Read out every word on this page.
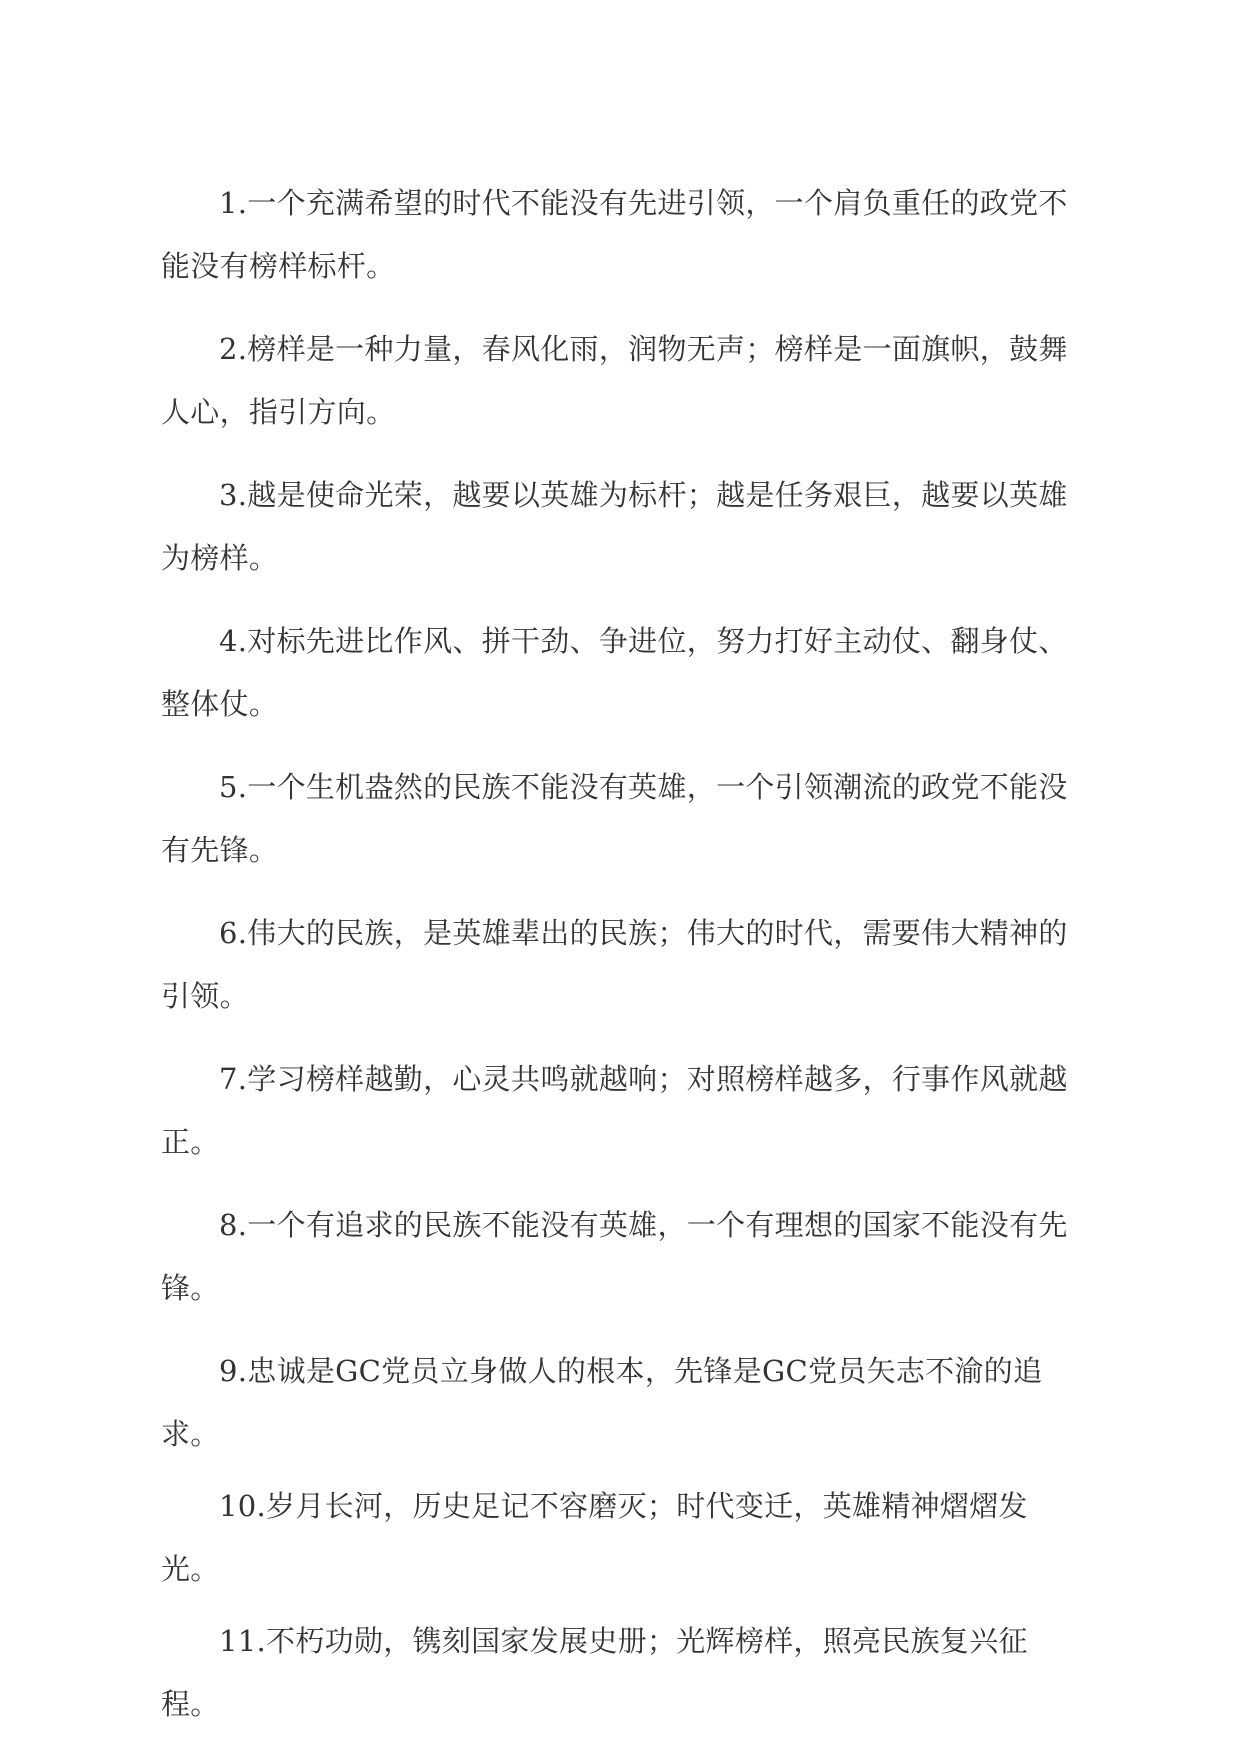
1.一个充满希望的时代不能没有先进引领，一个肩负重任的政党不能没有榜样标杆。

2.榜样是一种力量，春风化雨，润物无声；榜样是一面旗帜，鼓舞人心，指引方向。

3.越是使命光荣，越要以英雄为标杆；越是任务艰巨，越要以英雄为榜样。

4.对标先进比作风、拼干劲、争进位，努力打好主动仗、翻身仗、整体仗。

5.一个生机盎然的民族不能没有英雄，一个引领潮流的政党不能没有先锋。

6.伟大的民族，是英雄辈出的民族；伟大的时代，需要伟大精神的引领。

7.学习榜样越勤，心灵共鸣就越响；对照榜样越多，行事作风就越正。

8.一个有追求的民族不能没有英雄，一个有理想的国家不能没有先锋。

9.忠诚是GC党员立身做人的根本，先锋是GC党员矢志不渝的追求。

10.岁月长河，历史足记不容磨灭；时代变迁，英雄精神熠熠发光。

11.不朽功勋，镌刻国家发展史册；光辉榜样，照亮民族复兴征程。
